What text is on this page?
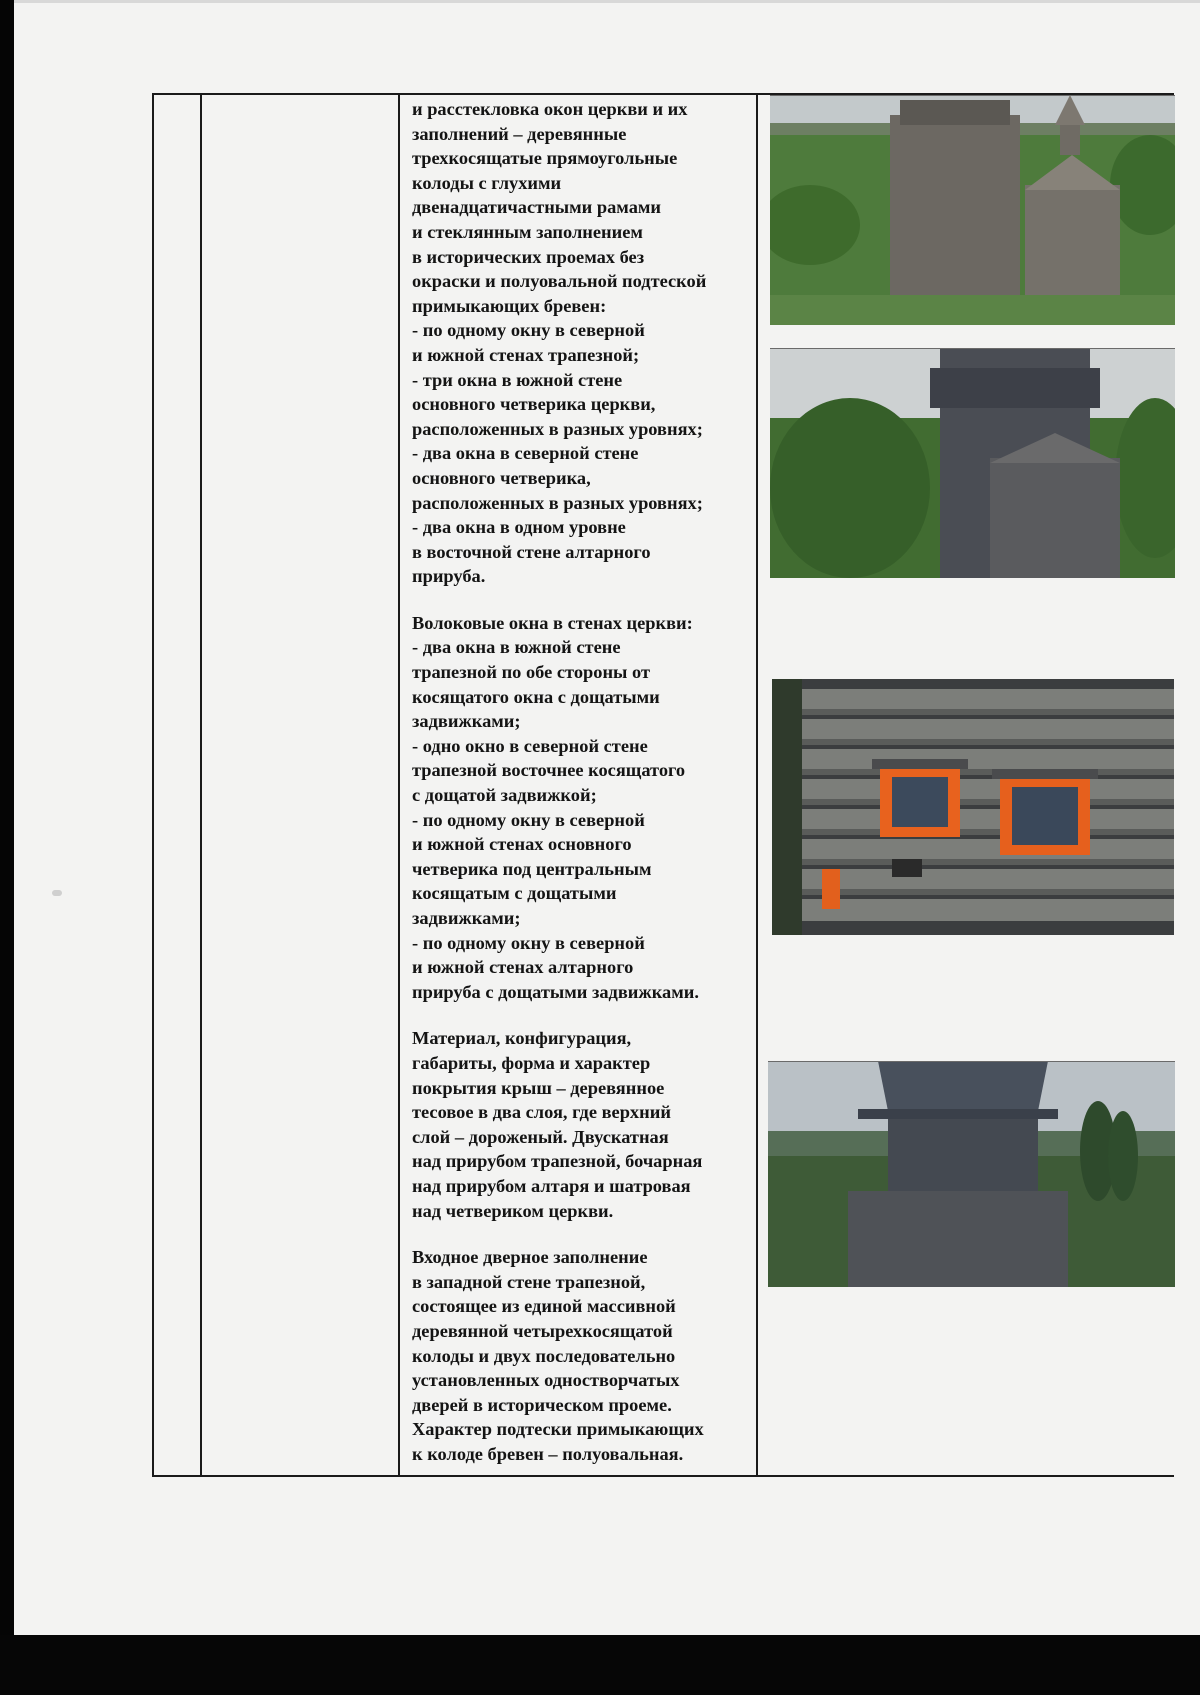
и расстекловка окон церкви и их
заполнений – деревянные
трехкосящатые прямоугольные
колоды с глухими
двенадцатичастными рамами
и стеклянным заполнением
в исторических проемах без
окраски и полуовальной подтеской
примыкающих бревен:
- по одному окну в северной
и южной стенах трапезной;
- три окна в южной стене
основного четверика церкви,
расположенных в разных уровнях;
- два окна в северной стене
основного четверика,
расположенных в разных уровнях;
- два окна в одном уровне
в восточной стене алтарного
прируба.

Волоковые окна в стенах церкви:
- два окна в южной стене
трапезной по обе стороны от
косящатого окна с дощатыми
задвижками;
- одно окно в северной стене
трапезной восточнее косящатого
с дощатой задвижкой;
- по одному окну в северной
и южной стенах основного
четверика под центральным
косящатым с дощатыми
задвижками;
- по одному окну в северной
и южной стенах алтарного
прируба с дощатыми задвижками.

Материал, конфигурация,
габариты, форма и характер
покрытия крыш – деревянное
тесовое в два слоя, где верхний
слой – дороженый. Двускатная
над прирубом трапезной, бочарная
над прирубом алтаря и шатровая
над четвериком церкви.

Входное дверное заполнение
в западной стене трапезной,
состоящее из единой массивной
деревянной четырехкосящатой
колоды и двух последовательно
установленных одностворчатых
дверей в историческом проеме.
Характер подтески примыкающих
к колоде бревен – полуовальная.
